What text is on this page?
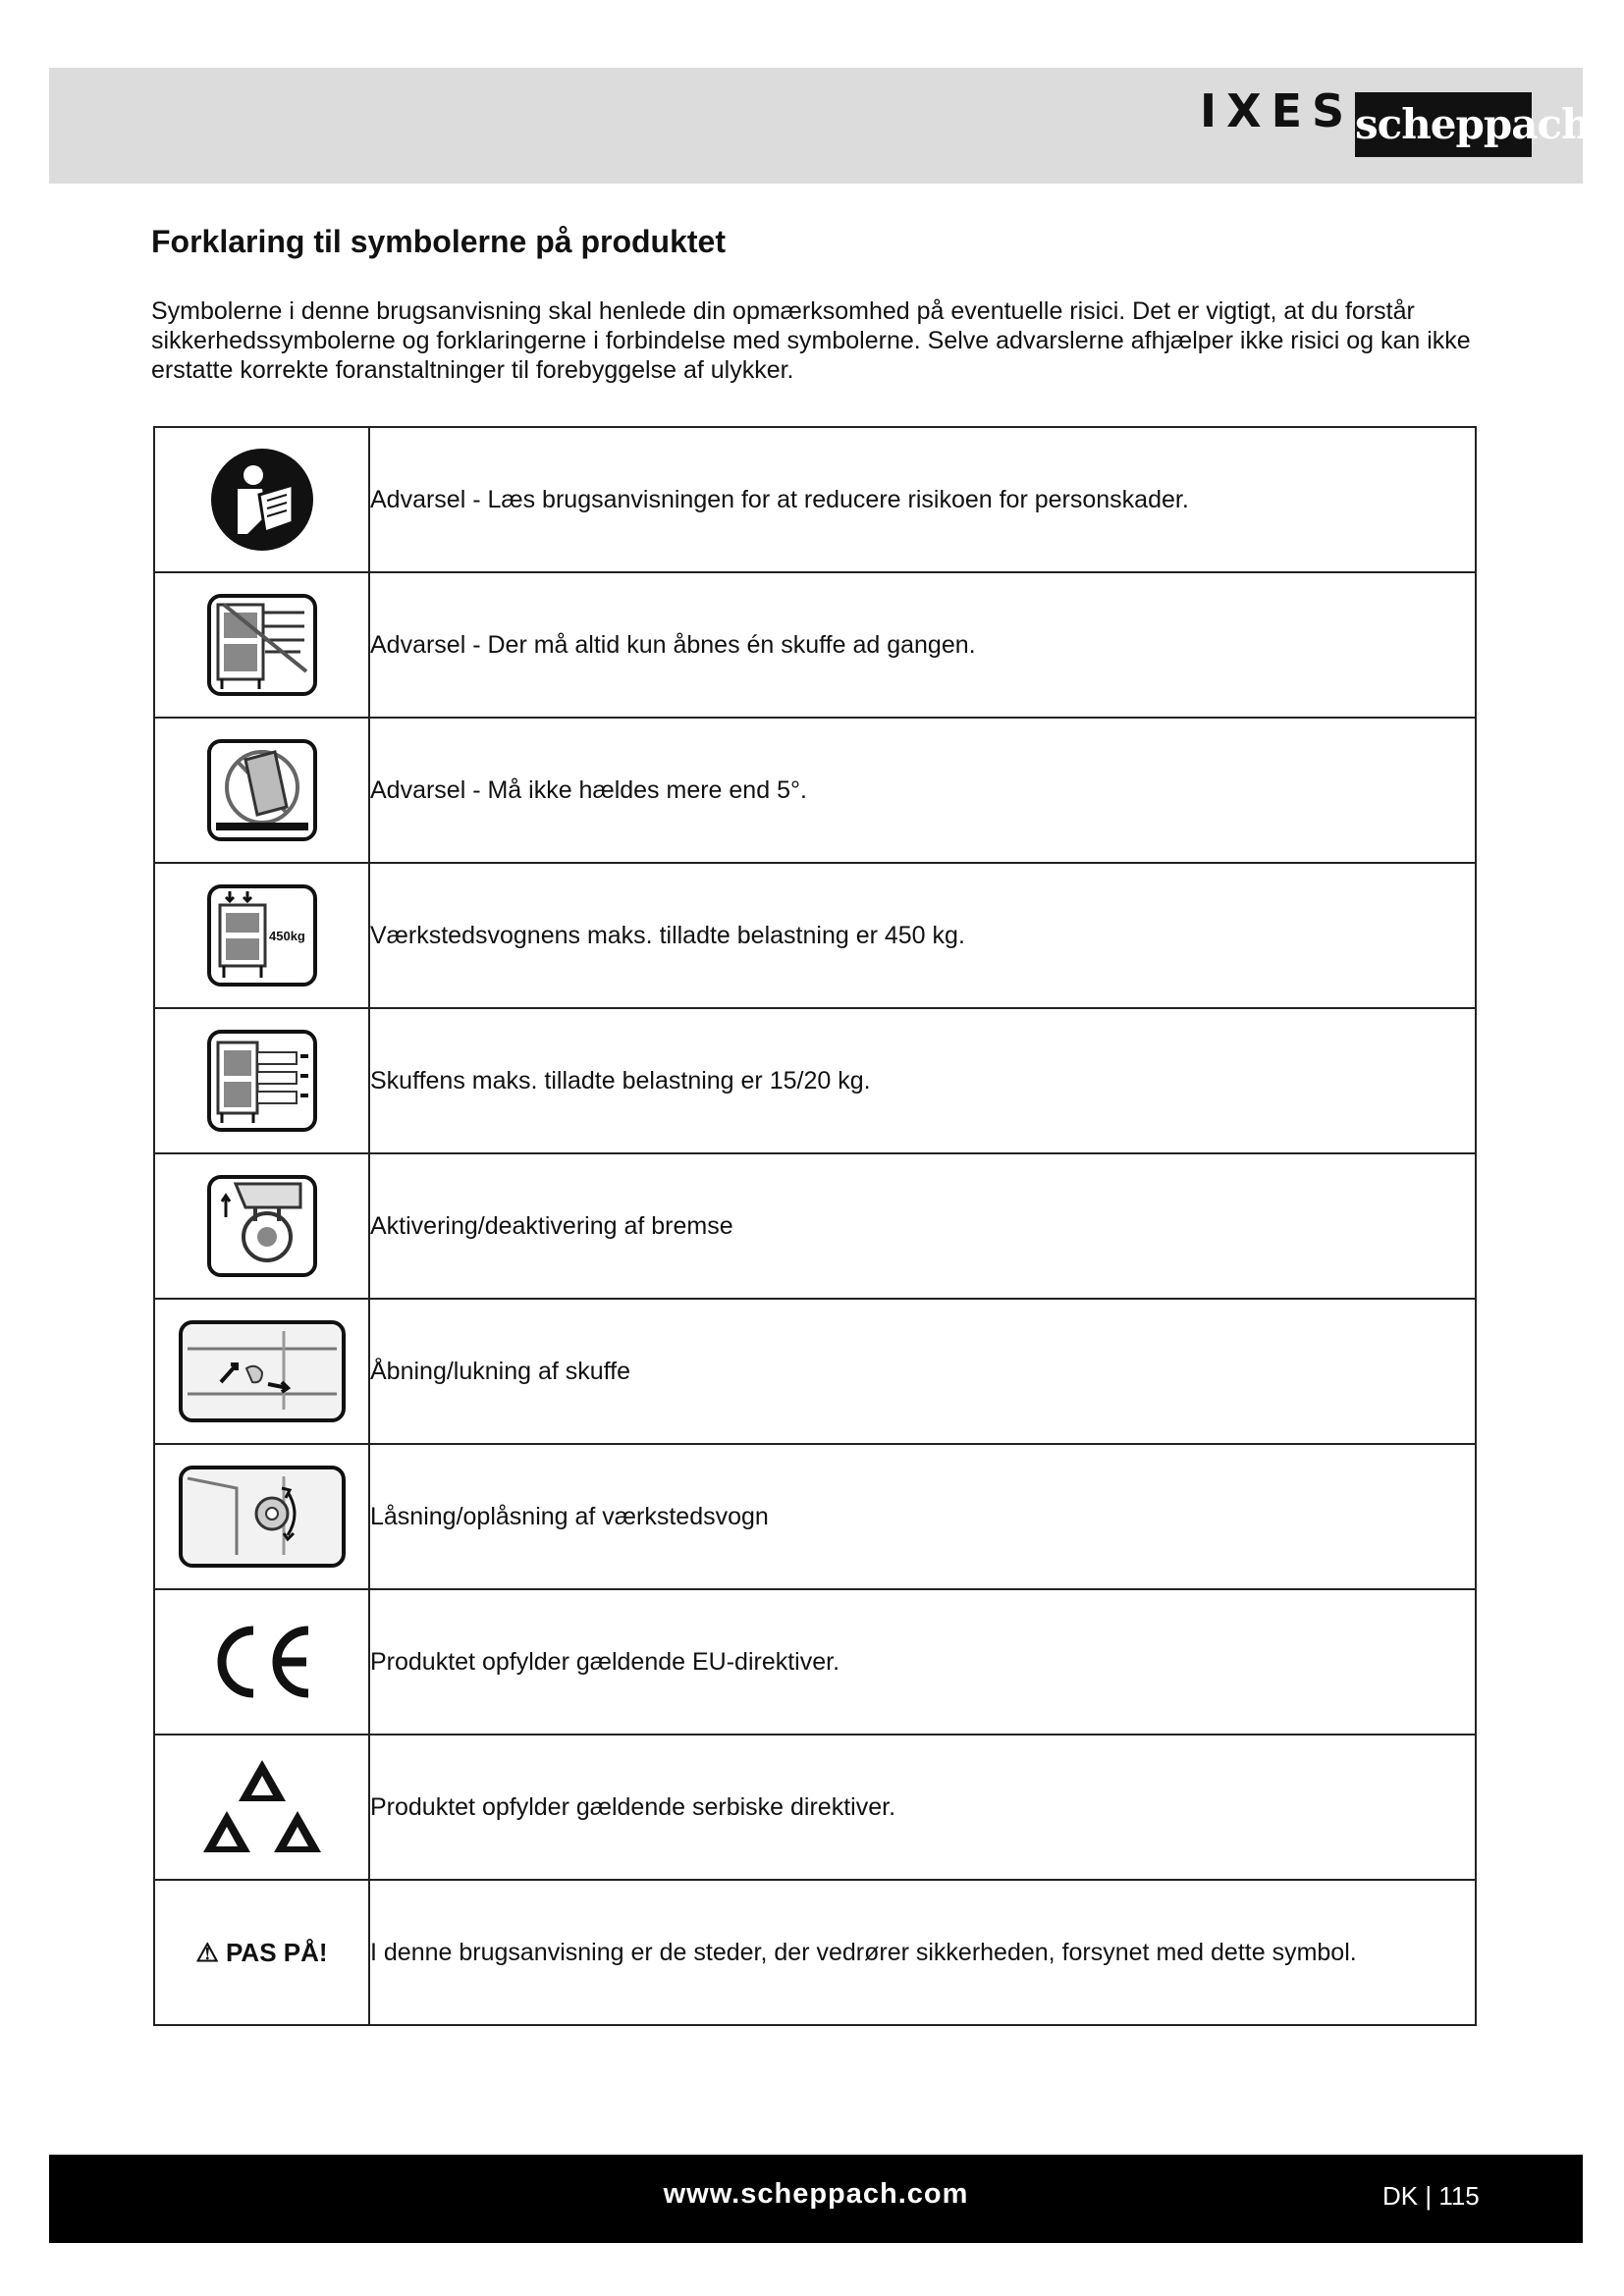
IXES scheppach
Forklaring til symbolerne på produktet

Symbolerne i denne brugsanvisning skal henlede din opmærksomhed på eventuelle risici. Det er vigtigt, at du forstår sikkerhedssymbolerne og forklaringerne i forbindelse med symbolerne. Selve advarslerne afhjælper ikke risici og kan ikke erstatte korrekte foranstaltninger til forebyggelse af ulykker.

	Advarsel - Læs brugsanvisningen for at reducere risikoen for personskader.
	Advarsel - Der må altid kun åbnes én skuffe ad gangen.
	Advarsel - Må ikke hældes mere end 5°.

450kg	Værkstedsvognens maks. tilladte belastning er 450 kg.
	Skuffens maks. tilladte belastning er 15/20 kg.
	Aktivering/deaktivering af bremse
	Åbning/lukning af skuffe
	Låsning/oplåsning af værkstedsvogn
	Produktet opfylder gældende EU-direktiver.
	Produktet opfylder gældende serbiske direktiver.
⚠ PAS PÅ!	I denne brugsanvisning er de steder, der vedrører sikkerheden, forsynet med dette symbol.
www.scheppach.com	DK | 115
